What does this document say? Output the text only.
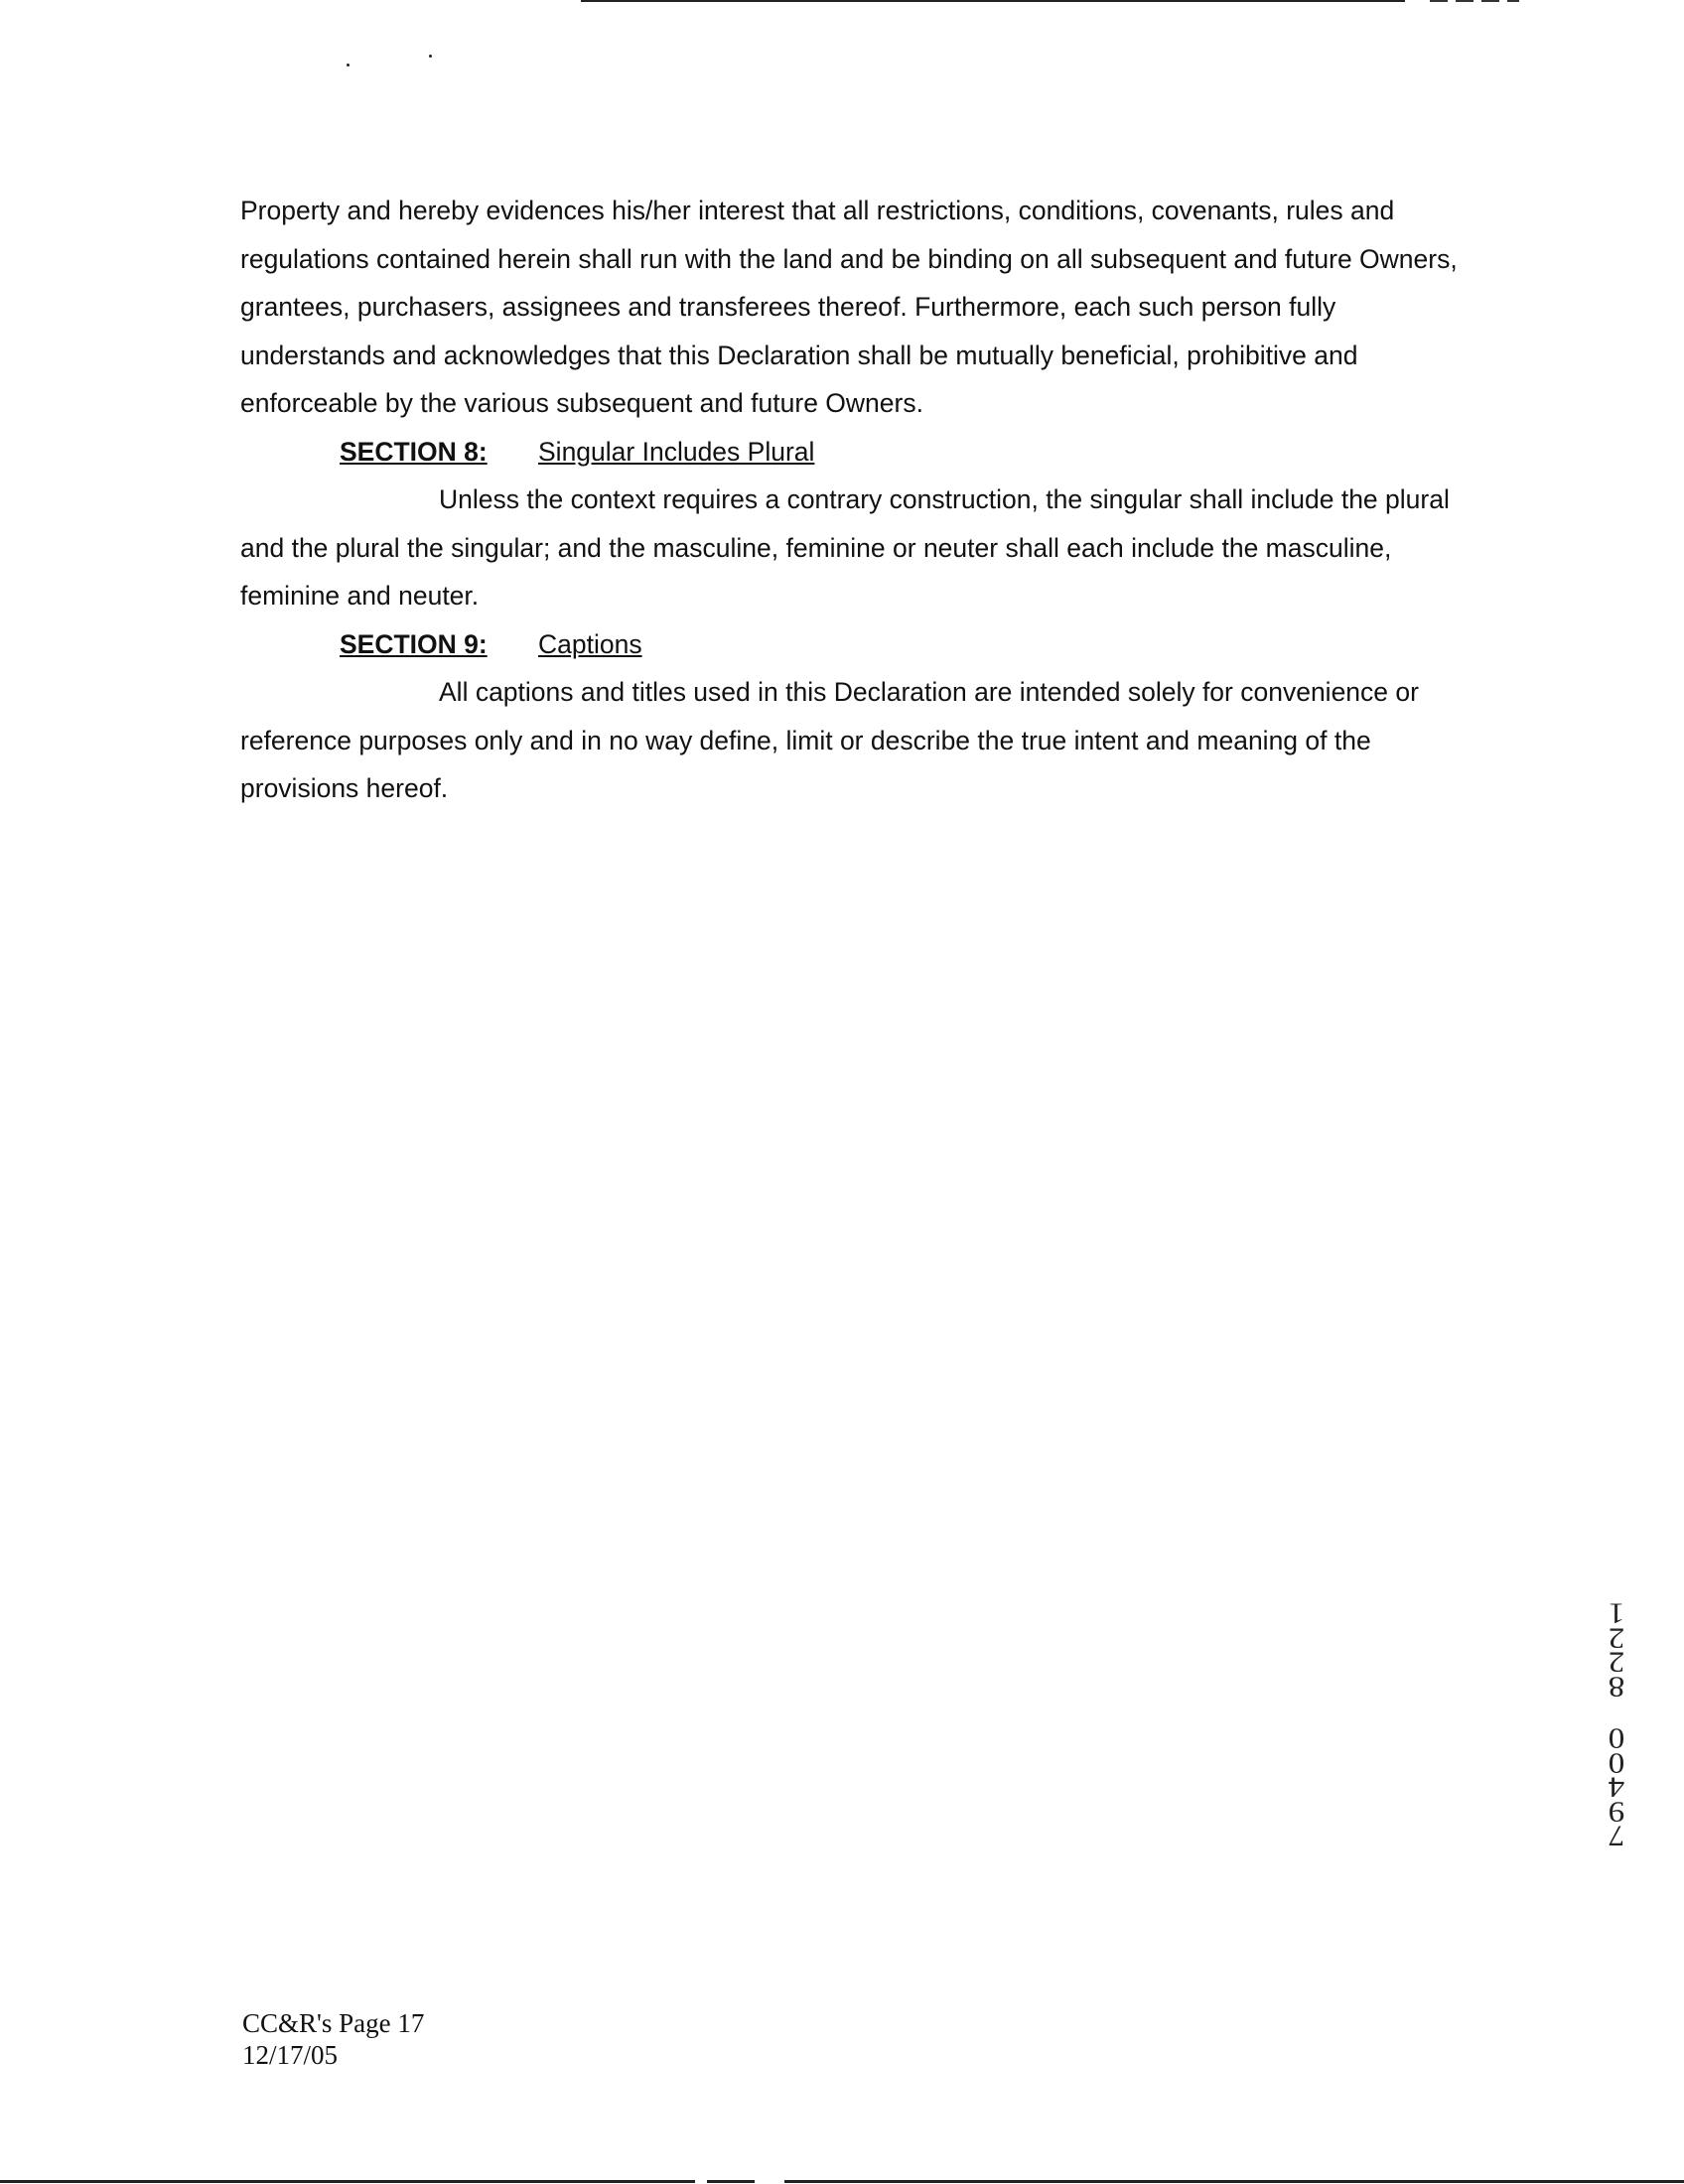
Property and hereby evidences his/her interest that all restrictions, conditions, covenants, rules and
regulations contained herein shall run with the land and be binding on all subsequent and future Owners,
grantees, purchasers, assignees and transferees thereof. Furthermore, each such person fully
understands and acknowledges that this Declaration shall be mutually beneficial, prohibitive and
enforceable by the various subsequent and future Owners.

SECTION 8: Singular Includes Plural

Unless the context requires a contrary construction, the singular shall include the plural
and the plural the singular; and the masculine, feminine or neuter shall each include the masculine,
feminine and neuter.

SECTION 9: Captions

All captions and titles used in this Declaration are intended solely for convenience or
reference purposes only and in no way define, limit or describe the true intent and meaning of the
provisions hereof.

1
2
2
8
0
0
4
9
7
CC&R's Page 17
12/17/05
